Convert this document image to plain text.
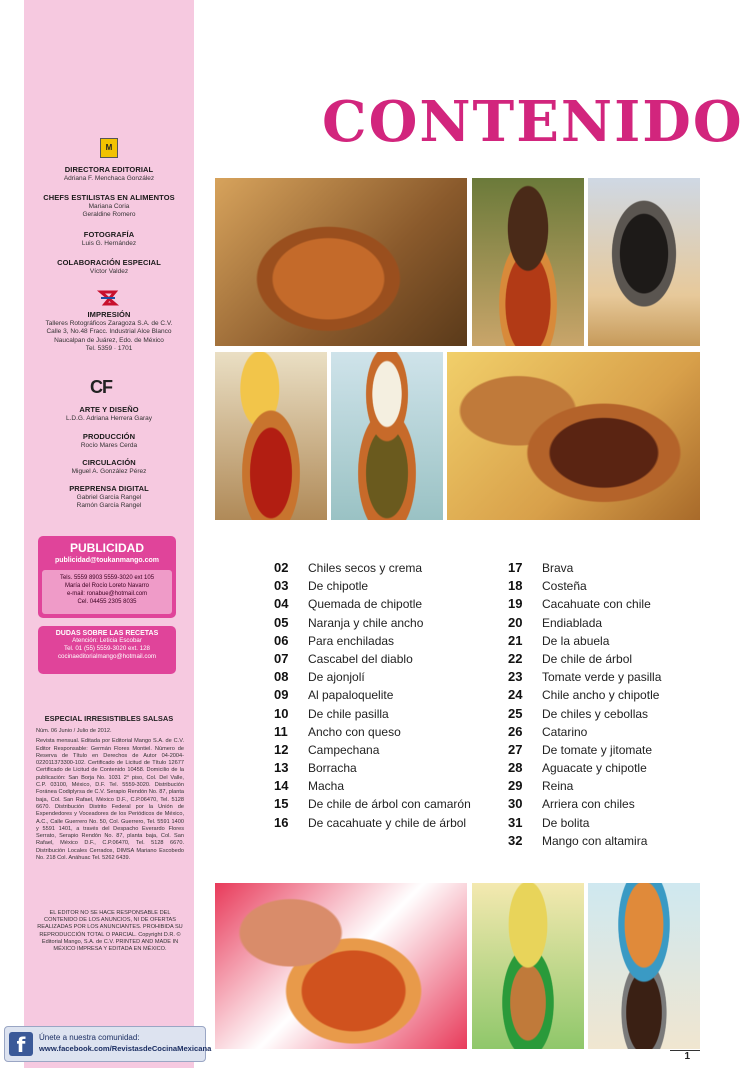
M

DIRECTORA EDITORIAL

Adriana F. Menchaca González

CHEFS ESTILISTAS EN ALIMENTOS

Mariana Coria

Geraldine Romero

FOTOGRAFÍA

Luis G. Hernández

COLABORACIÓN ESPECIAL

Víctor Valdez

IMPRESIÓN

Talleres Rotográficos Zaragoza S.A. de C.V.

Calle 3, No.48 Fracc. Industrial Alce Blanco

Naucalpan de Juárez, Edo. de México

Tel. 5359 · 1701

CF

ARTE Y DISEÑO

L.D.G. Adriana Herrera Garay

PRODUCCIÓN

Rocío Mares Cerda

CIRCULACIÓN

Miguel A. González Pérez

PREPRENSA DIGITAL

Gabriel García Rangel

Ramón García Rangel

PUBLICIDAD
publicidad@toukanmango.com

Tels. 5559 8903 5559-3020 ext 105

María del Rocío Loreto Navarro

e-mail: ronabue@hotmail.com

Cel. 04455 2305 8035

DUDAS SOBRE LAS RECETAS

Atención: Leticia Escobar

Tel. 01 (55) 5559-3020 ext. 128

cocinaeditorialmango@hotmail.com

ESPECIAL IRRESISTIBLES SALSAS
Núm. 06 Junio / Julio de 2012.
Revista mensual. Editada por Editorial Mango S.A. de C.V. Editor Responsable: Germán Flores Montiel. Número de Reserva de Título en Derechos de Autor 04-2004-022011373300-102. Certificado de Licitud de Título 12677 Certificado de Licitud de Contenido 10458. Domicilio de la publicación: San Borja No. 1031 2° piso, Col. Del Valle, C.P. 03100, México, D.F. Tel. 5559-3020. Distribución Foránea Codiplyrsa de C.V. Serapio Rendón No. 87, planta baja, Col. San Rafael, México D.F., C.P.06470, Tel. 5128 6670. Distribución Distrito Federal por la Unión de Expendedores y Voceadores de los Periódicos de México, A.C., Calle Guerrero No. 50, Col. Guerrero, Tel. 5591 1400 y 5591 1401, a través del Despacho Everardo Flores Serrato, Serapio Rendón No. 87, planta baja, Col. San Rafael, México D.F., C.P.06470, Tel. 5128 6670. Distribución Locales Cerrados, DIMSA Mariano Escobedo No. 218 Col. Anáhuac Tel. 5262 6439.
EL EDITOR NO SE HACE RESPONSABLE DEL CONTENIDO DE LOS ANUNCIOS, NI DE OFERTAS REALIZADAS POR LOS ANUNCIANTES. PROHIBIDA SU REPRODUCCIÓN TOTAL O PARCIAL. Copyright D.R. © Editorial Mango, S.A. de C.V. PRINTED AND MADE IN MÉXICO IMPRESA Y EDITADA EN MÉXICO.
f	Únete a nuestra comunidad:
www.facebook.com/RevistasdeCocinaMexicana
CONTENIDO
02 Chiles secos y crema
03 De chipotle
04 Quemada de chipotle
05 Naranja y chile ancho
06 Para enchiladas
07 Cascabel del diablo
08 De ajonjolí
09 Al papaloquelite
10 De chile pasilla
11 Ancho con queso
12 Campechana
13 Borracha
14 Macha
15 De chile de árbol con camarón
16 De cacahuate y chile de árbol
17 Brava
18 Costeña
19 Cacahuate con chile
20 Endiablada
21 De la abuela
22 De chile de árbol
23 Tomate verde y pasilla
24 Chile ancho y chipotle
25 De chiles y cebollas
26 Catarino
27 De tomate y jitomate
28 Aguacate y chipotle
29 Reina
30 Arriera con chiles
31 De bolita
32 Mango con altamira
1
